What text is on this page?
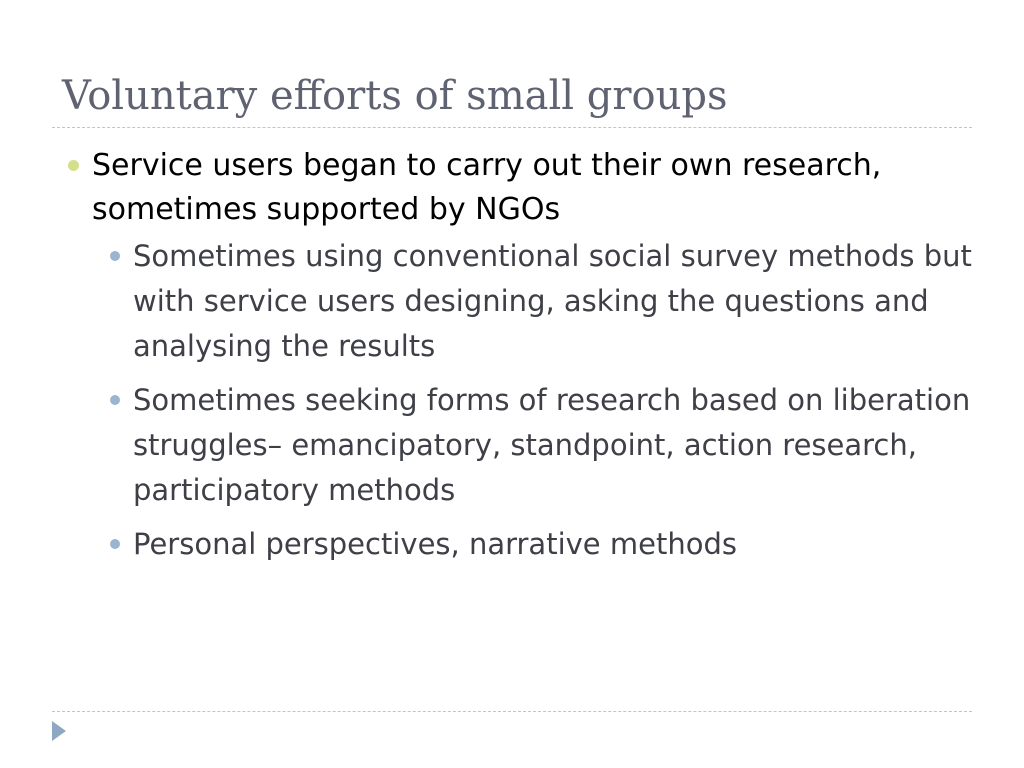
Voluntary efforts of small groups
Service users began to carry out their own research, sometimes supported by NGOs
Sometimes using conventional social survey methods but with service users designing, asking the questions and analysing the results
Sometimes seeking forms of research based on liberation struggles– emancipatory, standpoint, action research, participatory methods
Personal perspectives, narrative methods
